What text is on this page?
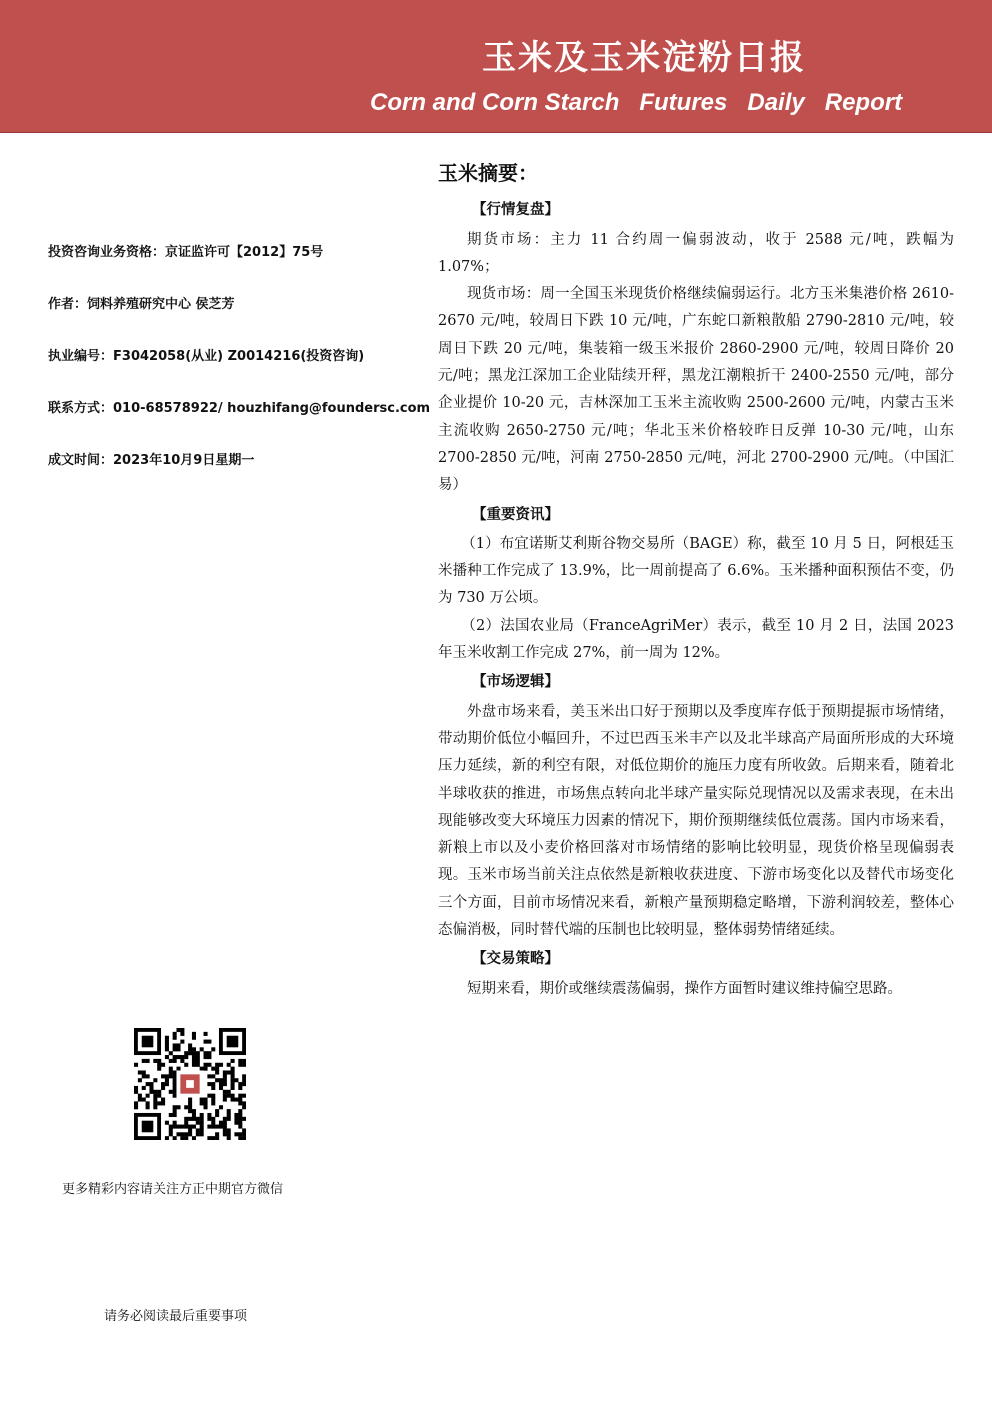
玉米及玉米淀粉日报
Corn and Corn Starch   Futures   Daily   Report
投资咨询业务资格：京证监许可【2012】75号
作者：饲料养殖研究中心 侯芝芳
执业编号：F3042058(从业) Z0014216(投资咨询)
联系方式：010-68578922/ houzhifang@foundersc.com
成文时间：2023年10月9日星期一
更多精彩内容请关注方正中期官方微信
请务必阅读最后重要事项
玉米摘要：
【行情复盘】

期货市场：主力 11 合约周一偏弱波动，收于 2588 元/吨，跌幅为 1.07%；

现货市场：周一全国玉米现货价格继续偏弱运行。北方玉米集港价格 2610-2670 元/吨，较周日下跌 10 元/吨，广东蛇口新粮散船 2790-2810 元/吨，较周日下跌 20 元/吨，集装箱一级玉米报价 2860-2900 元/吨，较周日降价 20 元/吨；黑龙江深加工企业陆续开秤，黑龙江潮粮折干 2400-2550 元/吨，部分企业提价 10-20 元，吉林深加工玉米主流收购 2500-2600 元/吨，内蒙古玉米主流收购 2650-2750 元/吨；华北玉米价格较昨日反弹 10-30 元/吨，山东 2700-2850 元/吨，河南 2750-2850 元/吨，河北 2700-2900 元/吨。（中国汇易）

【重要资讯】

（1）布宜诺斯艾利斯谷物交易所（BAGE）称，截至 10 月 5 日，阿根廷玉米播种工作完成了 13.9%，比一周前提高了 6.6%。玉米播种面积预估不变，仍为 730 万公顷。

（2）法国农业局（FranceAgriMer）表示，截至 10 月 2 日，法国 2023 年玉米收割工作完成 27%，前一周为 12%。

【市场逻辑】

外盘市场来看，美玉米出口好于预期以及季度库存低于预期提振市场情绪，带动期价低位小幅回升，不过巴西玉米丰产以及北半球高产局面所形成的大环境压力延续，新的利空有限，对低位期价的施压力度有所收敛。后期来看，随着北半球收获的推进，市场焦点转向北半球产量实际兑现情况以及需求表现，在未出现能够改变大环境压力因素的情况下，期价预期继续低位震荡。国内市场来看，新粮上市以及小麦价格回落对市场情绪的影响比较明显，现货价格呈现偏弱表现。玉米市场当前关注点依然是新粮收获进度、下游市场变化以及替代市场变化三个方面，目前市场情况来看，新粮产量预期稳定略增，下游利润较差，整体心态偏消极，同时替代端的压制也比较明显，整体弱势情绪延续。

【交易策略】

短期来看，期价或继续震荡偏弱，操作方面暂时建议维持偏空思路。
